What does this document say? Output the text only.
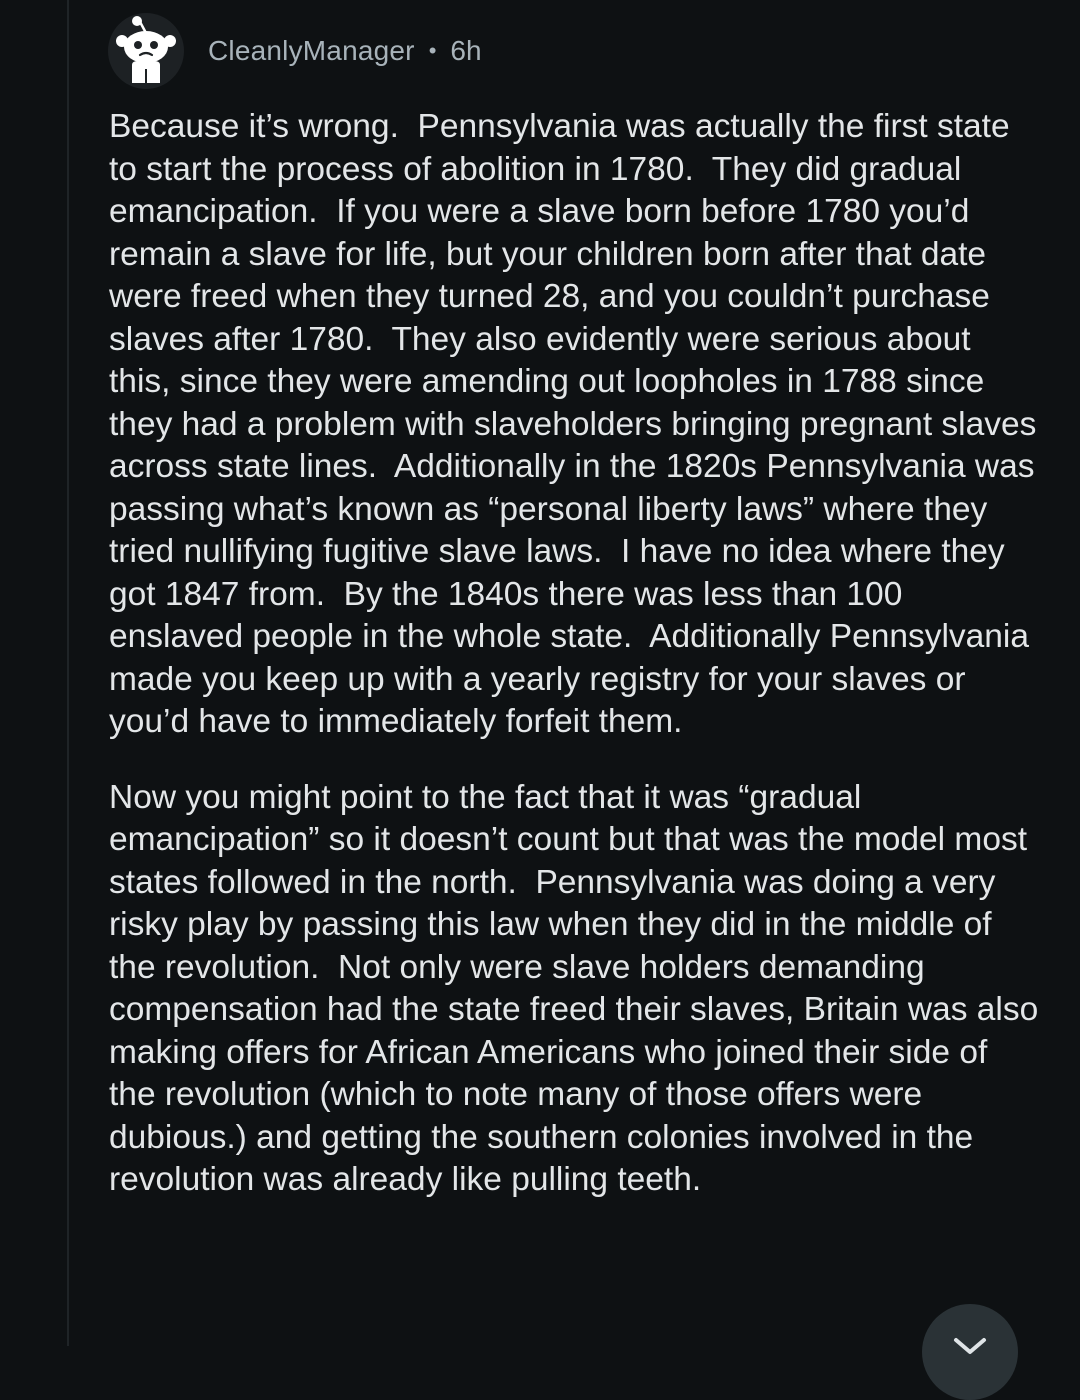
CleanlyManager • 6h

Because it’s wrong.  Pennsylvania was actually the first state to start the process of abolition in 1780.  They did gradual emancipation.  If you were a slave born before 1780 you’d remain a slave for life, but your children born after that date were freed when they turned 28, and you couldn’t purchase slaves after 1780.  They also evidently were serious about this, since they were amending out loopholes in 1788 since they had a problem with slaveholders bringing pregnant slaves across state lines.  Additionally in the 1820s Pennsylvania was passing what’s known as “personal liberty laws” where they tried nullifying fugitive slave laws.  I have no idea where they got 1847 from.  By the 1840s there was less than 100 enslaved people in the whole state.  Additionally Pennsylvania made you keep up with a yearly registry for your slaves or you’d have to immediately forfeit them.

Now you might point to the fact that it was “gradual emancipation” so it doesn’t count but that was the model most states followed in the north.  Pennsylvania was doing a very risky play by passing this law when they did in the middle of the revolution.  Not only were slave holders demanding compensation had the state freed their slaves, Britain was also making offers for African Americans who joined their side of the revolution (which to note many of those offers were dubious.) and getting the southern colonies involved in the revolution was already like pulling teeth.
